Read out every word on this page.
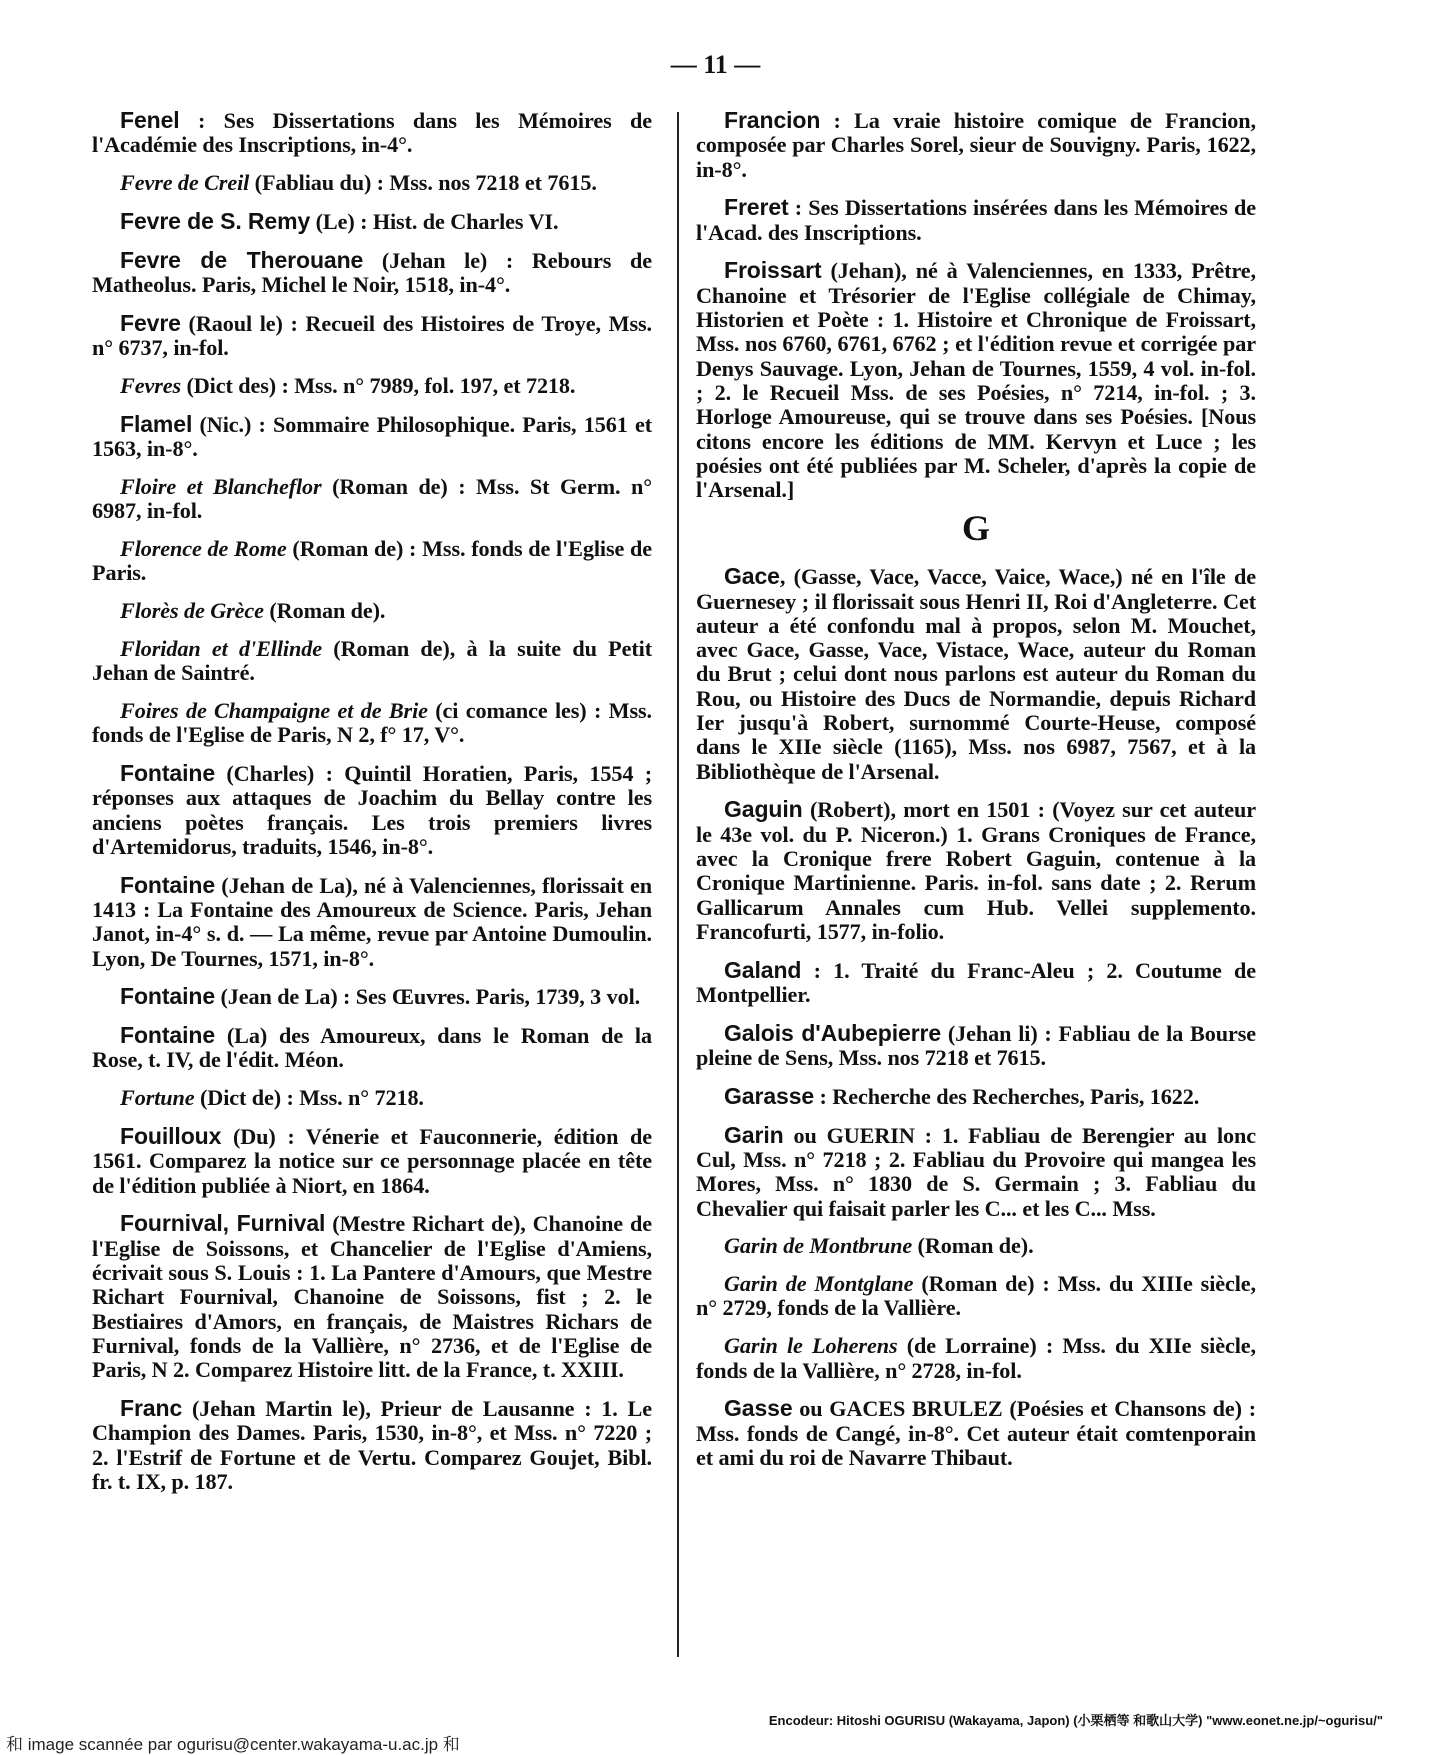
— 11 —

Fenel : Ses Dissertations dans les Mémoires de l'Académie des Inscriptions, in-4°.

Fevre de Creil (Fabliau du) : Mss. nos 7218 et 7615.

Fevre de S. Remy (Le) : Hist. de Charles VI.

Fevre de Therouane (Jehan le) : Rebours de Matheolus. Paris, Michel le Noir, 1518, in-4°.

Fevre (Raoul le) : Recueil des Histoires de Troye, Mss. n° 6737, in-fol.

Fevres (Dict des) : Mss. n° 7989, fol. 197, et 7218.

Flamel (Nic.) : Sommaire Philosophique. Paris, 1561 et 1563, in-8°.

Floire et Blancheflor (Roman de) : Mss. St Germ. n° 6987, in-fol.

Florence de Rome (Roman de) : Mss. fonds de l'Eglise de Paris.

Florès de Grèce (Roman de).

Floridan et d'Ellinde (Roman de), à la suite du Petit Jehan de Saintré.

Foires de Champaigne et de Brie (ci comance les) : Mss. fonds de l'Eglise de Paris, N 2, f° 17, V°.

Fontaine (Charles) : Quintil Horatien, Paris, 1554 ; réponses aux attaques de Joachim du Bellay contre les anciens poètes français. Les trois premiers livres d'Artemidorus, traduits, 1546, in-8°.

Fontaine (Jehan de La), né à Valenciennes, florissait en 1413 : La Fontaine des Amoureux de Science. Paris, Jehan Janot, in-4° s. d. — La même, revue par Antoine Dumoulin. Lyon, De Tournes, 1571, in-8°.

Fontaine (Jean de La) : Ses Œuvres. Paris, 1739, 3 vol.

Fontaine (La) des Amoureux, dans le Roman de la Rose, t. IV, de l'édit. Méon.

Fortune (Dict de) : Mss. n° 7218.

Fouilloux (Du) : Vénerie et Fauconnerie, édition de 1561. Comparez la notice sur ce personnage placée en tête de l'édition publiée à Niort, en 1864.

Fournival, Furnival (Mestre Richart de), Chanoine de l'Eglise de Soissons, et Chancelier de l'Eglise d'Amiens, écrivait sous S. Louis : 1. La Pantere d'Amours, que Mestre Richart Fournival, Chanoine de Soissons, fist ; 2. le Bestiaires d'Amors, en français, de Maistres Richars de Furnival, fonds de la Vallière, n° 2736, et de l'Eglise de Paris, N 2. Comparez Histoire litt. de la France, t. XXIII.

Franc (Jehan Martin le), Prieur de Lausanne : 1. Le Champion des Dames. Paris, 1530, in-8°, et Mss. n° 7220 ; 2. l'Estrif de Fortune et de Vertu. Comparez Goujet, Bibl. fr. t. IX, p. 187.

Francion : La vraie histoire comique de Francion, composée par Charles Sorel, sieur de Souvigny. Paris, 1622, in-8°.

Freret : Ses Dissertations insérées dans les Mémoires de l'Acad. des Inscriptions.

Froissart (Jehan), né à Valenciennes, en 1333, Prêtre, Chanoine et Trésorier de l'Eglise collégiale de Chimay, Historien et Poète : 1. Histoire et Chronique de Froissart, Mss. nos 6760, 6761, 6762 ; et l'édition revue et corrigée par Denys Sauvage. Lyon, Jehan de Tournes, 1559, 4 vol. in-fol. ; 2. le Recueil Mss. de ses Poésies, n° 7214, in-fol. ; 3. Horloge Amoureuse, qui se trouve dans ses Poésies. [Nous citons encore les éditions de MM. Kervyn et Luce ; les poésies ont été publiées par M. Scheler, d'après la copie de l'Arsenal.]

G

Gace, (Gasse, Vace, Vacce, Vaice, Wace,) né en l'île de Guernesey ; il florissait sous Henri II, Roi d'Angleterre. Cet auteur a été confondu mal à propos, selon M. Mouchet, avec Gace, Gasse, Vace, Vistace, Wace, auteur du Roman du Brut ; celui dont nous parlons est auteur du Roman du Rou, ou Histoire des Ducs de Normandie, depuis Richard Ier jusqu'à Robert, surnommé Courte-Heuse, composé dans le XIIe siècle (1165), Mss. nos 6987, 7567, et à la Bibliothèque de l'Arsenal.

Gaguin (Robert), mort en 1501 : (Voyez sur cet auteur le 43e vol. du P. Niceron.) 1. Grans Croniques de France, avec la Cronique frere Robert Gaguin, contenue à la Cronique Martinienne. Paris. in-fol. sans date ; 2. Rerum Gallicarum Annales cum Hub. Vellei supplemento. Francofurti, 1577, in-folio.

Galand : 1. Traité du Franc-Aleu ; 2. Coutume de Montpellier.

Galois d'Aubepierre (Jehan li) : Fabliau de la Bourse pleine de Sens, Mss. nos 7218 et 7615.

Garasse : Recherche des Recherches, Paris, 1622.

Garin ou GUERIN : 1. Fabliau de Berengier au lonc Cul, Mss. n° 7218 ; 2. Fabliau du Provoire qui mangea les Mores, Mss. n° 1830 de S. Germain ; 3. Fabliau du Chevalier qui faisait parler les C... et les C... Mss.

Garin de Montbrune (Roman de).

Garin de Montglane (Roman de) : Mss. du XIIIe siècle, n° 2729, fonds de la Vallière.

Garin le Loherens (de Lorraine) : Mss. du XIIe siècle, fonds de la Vallière, n° 2728, in-fol.

Gasse ou GACES BRULEZ (Poésies et Chansons de) : Mss. fonds de Cangé, in-8°. Cet auteur était comtenporain et ami du roi de Navarre Thibaut.

Encodeur: Hitoshi OGURISU (Wakayama, Japon) (小栗栖等 和歌山大学) "www.eonet.ne.jp/~ogurisu/"
和 image scannée par ogurisu@center.wakayama-u.ac.jp 和
